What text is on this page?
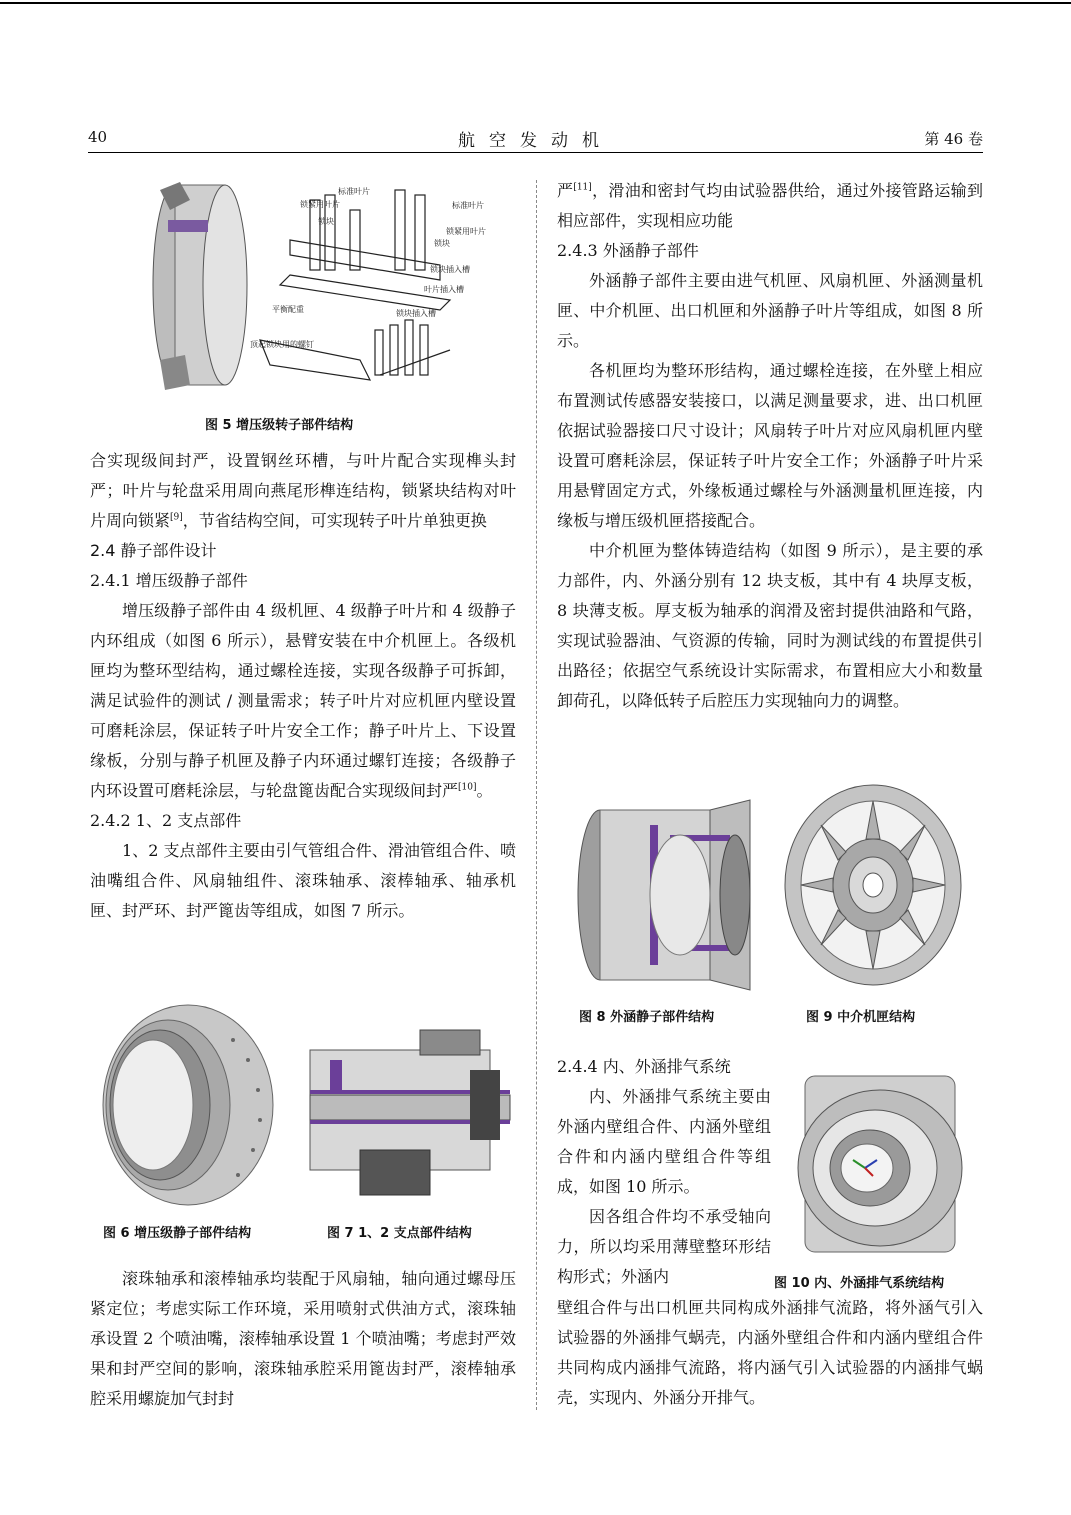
40	航空发动机	第 46 卷
标准叶片
锁紧用叶片
锁块
标准叶片
锁紧用叶片
锁块
锁块插入槽
叶片插入槽
锁块插入槽
平衡配重
顶起锁块用的螺钉
图 5 增压级转子部件结构

合实现级间封严，设置钢丝环槽，与叶片配合实现榫头封严；叶片与轮盘采用周向燕尾形榫连结构，锁紧块结构对叶片周向锁紧[9]，节省结构空间，可实现转子叶片单独更换

2.4 静子部件设计

2.4.1 增压级静子部件

增压级静子部件由 4 级机匣、4 级静子叶片和 4 级静子内环组成（如图 6 所示），悬臂安装在中介机匣上。各级机匣均为整环型结构，通过螺栓连接，实现各级静子可拆卸，满足试验件的测试 / 测量需求；转子叶片对应机匣内壁设置可磨耗涂层，保证转子叶片安全工作；静子叶片上、下设置缘板，分别与静子机匣及静子内环通过螺钉连接；各级静子内环设置可磨耗涂层，与轮盘篦齿配合实现级间封严[10]。

2.4.2 1、2 支点部件

1、2 支点部件主要由引气管组合件、滑油管组合件、喷油嘴组合件、风扇轴组件、滚珠轴承、滚棒轴承、轴承机匣、封严环、封严篦齿等组成，如图 7 所示。

图 6 增压级静子部件结构	图 7 1、2 支点部件结构

滚珠轴承和滚棒轴承均装配于风扇轴，轴向通过螺母压紧定位；考虑实际工作环境，采用喷射式供油方式，滚珠轴承设置 2 个喷油嘴，滚棒轴承设置 1 个喷油嘴；考虑封严效果和封严空间的影响，滚珠轴承腔采用篦齿封严，滚棒轴承腔采用螺旋加气封封

严[11]，滑油和密封气均由试验器供给，通过外接管路运输到相应部件，实现相应功能

2.4.3 外涵静子部件

外涵静子部件主要由进气机匣、风扇机匣、外涵测量机匣、中介机匣、出口机匣和外涵静子叶片等组成，如图 8 所示。

各机匣均为整环形结构，通过螺栓连接，在外壁上相应布置测试传感器安装接口，以满足测量要求，进、出口机匣依据试验器接口尺寸设计；风扇转子叶片对应风扇机匣内壁设置可磨耗涂层，保证转子叶片安全工作；外涵静子叶片采用悬臂固定方式，外缘板通过螺栓与外涵测量机匣连接，内缘板与增压级机匣搭接配合。

中介机匣为整体铸造结构（如图 9 所示），是主要的承力部件，内、外涵分别有 12 块支板，其中有 4 块厚支板，8 块薄支板。厚支板为轴承的润滑及密封提供油路和气路，实现试验器油、气资源的传输，同时为测试线的布置提供引出路径；依据空气系统设计实际需求，布置相应大小和数量卸荷孔，以降低转子后腔压力实现轴向力的调整。

图 8 外涵静子部件结构	图 9 中介机匣结构

2.4.4 内、外涵排气系统

内、外涵排气系统主要由外涵内壁组合件、内涵外壁组合件和内涵内壁组合件等组成，如图 10 所示。

因各组合件均不承受轴向力，所以均采用薄壁整环形结构形式；外涵内	图 10 内、外涵排气系统结构

壁组合件与出口机匣共同构成外涵排气流路，将外涵气引入试验器的外涵排气蜗壳，内涵外壁组合件和内涵内壁组合件共同构成内涵排气流路，将内涵气引入试验器的内涵排气蜗壳，实现内、外涵分开排气。
